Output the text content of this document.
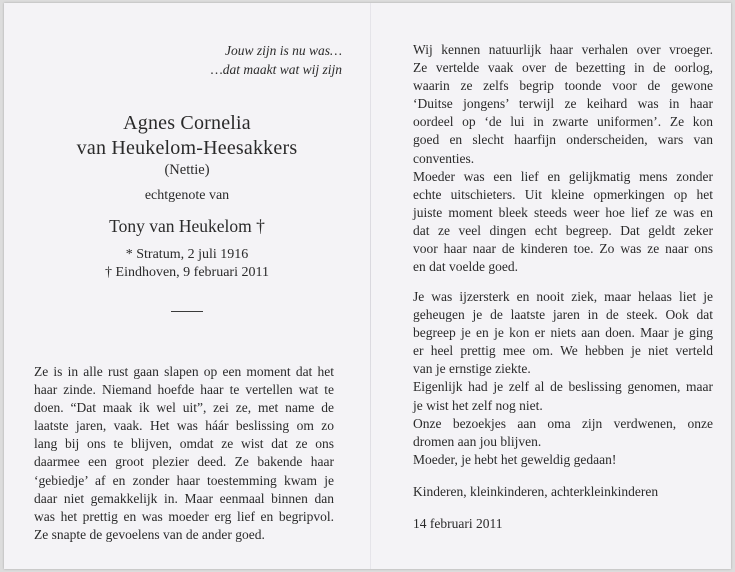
Jouw zijn is nu was…
…dat maakt wat wij zijn
Agnes Cornelia
van Heukelom-Heesakkers
(Nettie)
echtgenote van
Tony van Heukelom †
* Stratum, 2 juli 1916
† Eindhoven, 9 februari 2011
Ze is in alle rust gaan slapen op een moment dat het
haar zinde. Niemand hoefde haar te vertellen wat te
doen. “Dat maak ik wel uit”, zei ze, met name de
laatste jaren, vaak. Het was háár beslissing om zo
lang bij ons te blijven, omdat ze wist dat ze ons
daarmee een groot plezier deed. Ze bakende haar
‘gebiedje’ af en zonder haar toestemming kwam je
daar niet gemakkelijk in. Maar eenmaal binnen dan
was het prettig en was moeder erg lief en begripvol.
Ze snapte de gevoelens van de ander goed.
Wij kennen natuurlijk haar verhalen over vroeger.
Ze vertelde vaak over de bezetting in de oorlog,
waarin ze zelfs begrip toonde voor de gewone
‘Duitse jongens’ terwijl ze keihard was in haar
oordeel op ‘de lui in zwarte uniformen’. Ze kon
goed en slecht haarfijn onderscheiden, wars van
conventies.
Moeder was een lief en gelijkmatig mens zonder
echte uitschieters. Uit kleine opmerkingen op het
juiste moment bleek steeds weer hoe lief ze was en
dat ze veel dingen echt begreep. Dat geldt zeker
voor haar naar de kinderen toe. Zo was ze naar ons
en dat voelde goed.
Je was ijzersterk en nooit ziek, maar helaas liet je
geheugen je de laatste jaren in de steek. Ook dat
begreep je en je kon er niets aan doen. Maar je ging
er heel prettig mee om. We hebben je niet verteld
van je ernstige ziekte.
Eigenlijk had je zelf al de beslissing genomen, maar
je wist het zelf nog niet.
Onze bezoekjes aan oma zijn verdwenen, onze
dromen aan jou blijven.
Moeder, je hebt het geweldig gedaan!
Kinderen, kleinkinderen, achterkleinkinderen
14 februari 2011
